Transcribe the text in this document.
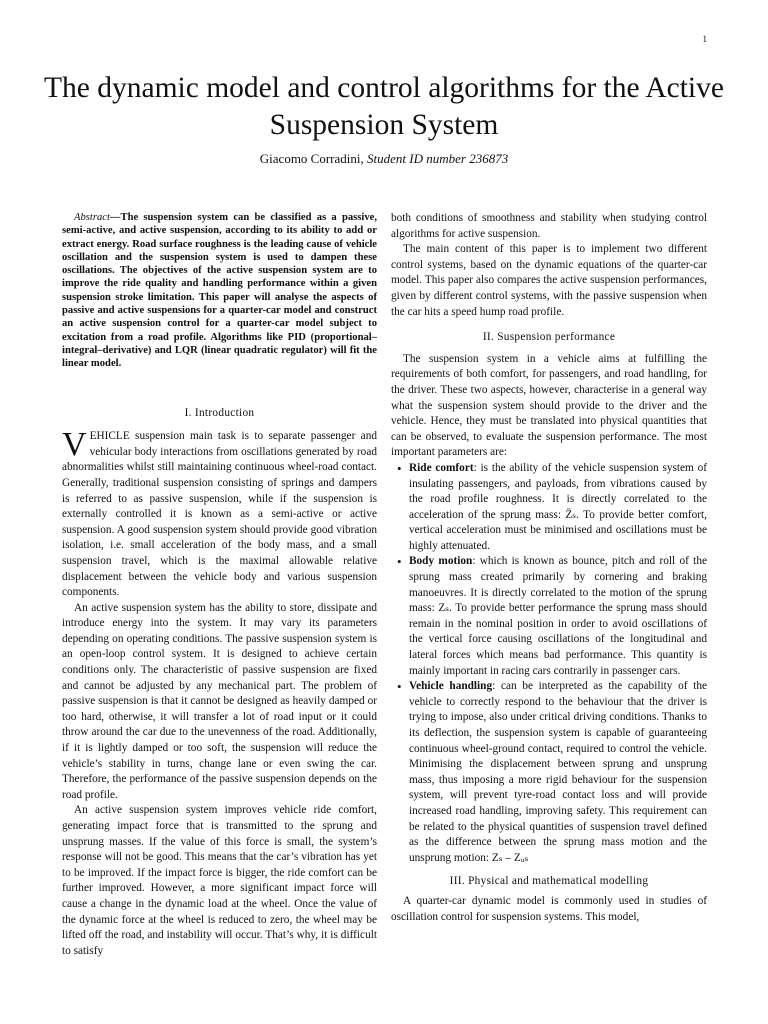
1
The dynamic model and control algorithms for the Active Suspension System
Giacomo Corradini, Student ID number 236873

Abstract—The suspension system can be classified as a passive, semi-active, and active suspension, according to its ability to add or extract energy. Road surface roughness is the leading cause of vehicle oscillation and the suspension system is used to dampen these oscillations. The objectives of the active suspension system are to improve the ride quality and handling performance within a given suspension stroke limitation. This paper will analyse the aspects of passive and active suspensions for a quarter-car model and construct an active suspension control for a quarter-car model subject to excitation from a road profile. Algorithms like PID (proportional–integral–derivative) and LQR (linear quadratic regulator) will fit the linear model.

I. Introduction

VEHICLE suspension main task is to separate passenger and vehicular body interactions from oscillations generated by road abnormalities whilst still maintaining continuous wheel-road contact. Generally, traditional suspension consisting of springs and dampers is referred to as passive suspension, while if the suspension is externally controlled it is known as a semi-active or active suspension. A good suspension system should provide good vibration isolation, i.e. small acceleration of the body mass, and a small suspension travel, which is the maximal allowable relative displacement between the vehicle body and various suspension components.

An active suspension system has the ability to store, dissipate and introduce energy into the system. It may vary its parameters depending on operating conditions. The passive suspension system is an open-loop control system. It is designed to achieve certain conditions only. The characteristic of passive suspension are fixed and cannot be adjusted by any mechanical part. The problem of passive suspension is that it cannot be designed as heavily damped or too hard, otherwise, it will transfer a lot of road input or it could throw around the car due to the unevenness of the road. Additionally, if it is lightly damped or too soft, the suspension will reduce the vehicle’s stability in turns, change lane or even swing the car. Therefore, the performance of the passive suspension depends on the road profile.

An active suspension system improves vehicle ride comfort, generating impact force that is transmitted to the sprung and unsprung masses. If the value of this force is small, the system’s response will not be good. This means that the car’s vibration has yet to be improved. If the impact force is bigger, the ride comfort can be further improved. However, a more significant impact force will cause a change in the dynamic load at the wheel. Once the value of the dynamic force at the wheel is reduced to zero, the wheel may be lifted off the road, and instability will occur. That’s why, it is difficult to satisfy

both conditions of smoothness and stability when studying control algorithms for active suspension.

The main content of this paper is to implement two different control systems, based on the dynamic equations of the quarter-car model. This paper also compares the active suspension performances, given by different control systems, with the passive suspension when the car hits a speed hump road profile.

II. Suspension performance

The suspension system in a vehicle aims at fulfilling the requirements of both comfort, for passengers, and road handling, for the driver. These two aspects, however, characterise in a general way what the suspension system should provide to the driver and the vehicle. Hence, they must be translated into physical quantities that can be observed, to evaluate the suspension performance. The most important parameters are:

• Ride comfort: is the ability of the vehicle suspension system of insulating passengers, and payloads, from vibrations caused by the road profile roughness. It is directly correlated to the acceleration of the sprung mass: Z̈ₛ. To provide better comfort, vertical acceleration must be minimised and oscillations must be highly attenuated.
• Body motion: which is known as bounce, pitch and roll of the sprung mass created primarily by cornering and braking manoeuvres. It is directly correlated to the motion of the sprung mass: Zₛ. To provide better performance the sprung mass should remain in the nominal position in order to avoid oscillations of the vertical force causing oscillations of the longitudinal and lateral forces which means bad performance. This quantity is mainly important in racing cars contrarily in passenger cars.
• Vehicle handling: can be interpreted as the capability of the vehicle to correctly respond to the behaviour that the driver is trying to impose, also under critical driving conditions. Thanks to its deflection, the suspension system is capable of guaranteeing continuous wheel-ground contact, required to control the vehicle. Minimising the displacement between sprung and unsprung mass, thus imposing a more rigid behaviour for the suspension system, will prevent tyre-road contact loss and will provide increased road handling, improving safety. This requirement can be related to the physical quantities of suspension travel defined as the difference between the sprung mass motion and the unsprung motion: Zₛ – Zᵤₛ
III. Physical and mathematical modelling

A quarter-car dynamic model is commonly used in studies of oscillation control for suspension systems. This model,
